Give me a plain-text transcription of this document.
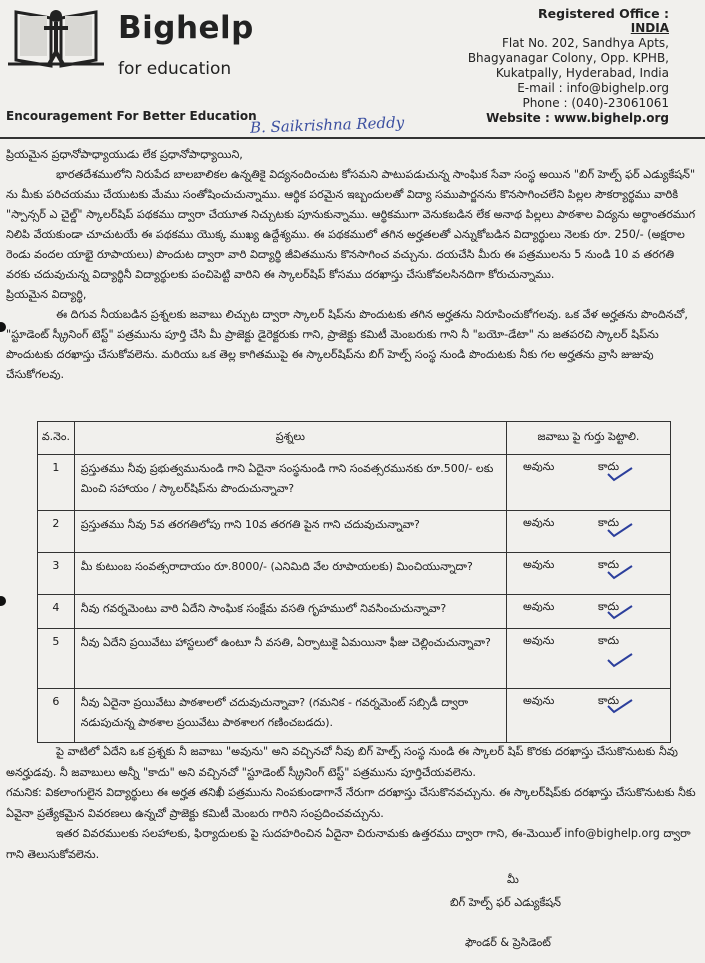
Bighelp
for education
Encouragement For Better Education
B. Saikrishna Reddy
Registered Office :
INDIA
Flat No. 202, Sandhya Apts,
Bhagyanagar Colony, Opp. KPHB,
Kukatpally, Hyderabad, India
E-mail : info@bighelp.org
Phone : (040)-23061061
Website : www.bighelp.org

ప్రియమైన ప్రధానోపాధ్యాయుడు లేక ప్రధానోపాధ్యాయిని,

భారతదేశములోని నిరుపేద బాలబాలికల ఉన్నతికై విద్యనందించుట కోసమని పాటుపడుచున్న సాంఘిక సేవా సంస్థ అయిన "బిగ్ హెల్ప్ ఫర్ ఎడ్యుకేషన్" ను మీకు పరిచయము చేయుటకు మేము సంతోషించుచున్నాము. ఆర్థిక పరమైన ఇబ్బందులతో విద్యా సముపార్జనను కొనసాగించలేని పిల్లల సౌకర్యార్థము వారికి "స్పాన్సర్ ఎ చైల్డ్" స్కాలర్‌షిప్ పథకము ద్వారా చేయూత నిచ్చుటకు పూనుకున్నాము. ఆర్థికముగా వెనుకబడిన లేక అనాథ పిల్లలు పాఠశాల విద్యను అర్థాంతరముగ నిలిపి వేయకుండా చూచుటయే ఈ పథకము యొక్క ముఖ్య ఉద్దేశ్యము. ఈ పథకములో తగిన అర్హతలతో ఎన్నుకోబడిన విద్యార్థులు నెలకు రూ. 250/- (అక్షరాల రెండు వందల యాభై రూపాయలు) పొందుట ద్వారా వారి విద్యార్థి జీవితమును కొనసాగించ వచ్చును. దయచేసి మీరు ఈ పత్రములను 5 నుండి 10 వ తరగతి వరకు చదువుచున్న విద్యార్థినీ విద్యార్థులకు పంచిపెట్టి వారిని ఈ స్కాలర్‌షిప్ కోసము దరఖాస్తు చేసుకోవలసినదిగా కోరుచున్నాము.

ప్రియమైన విద్యార్థి,

ఈ దిగువ నీయబడిన ప్రశ్నలకు జవాబు లిచ్చుట ద్వారా స్కాలర్ షిప్‌ను పొందుటకు తగిన అర్హతను నిరూపించుకోగలవు. ఒక వేళ అర్హతను పొందినచో, "స్టూడెంట్ స్క్రీనింగ్ టెస్ట్" పత్రమును పూర్తి చేసి మీ ప్రాజెక్టు డైరెక్టరుకు గాని, ప్రాజెక్టు కమిటీ మెంబరుకు గాని నీ "బయో-డేటా" ను జతపరచి స్కాలర్ షిప్‌ను పొందుటకు దరఖాస్తు చేసుకోవలెను. మరియు ఒక తెల్ల కాగితముపై ఈ స్కాలర్‌షిప్‌ను బిగ్ హెల్ప్ సంస్థ నుండి పొందుటకు నీకు గల అర్హతను వ్రాసి జుజువు చేసుకోగలవు.

వ.నెం.	ప్రశ్నలు	జవాబు పై గుర్తు పెట్టాలి.
1	ప్రస్తుతము నీవు ప్రభుత్వమునుండి గాని ఏదైనా సంస్థనుండి గాని సంవత్సరమునకు రూ.500/- లకు మించి సహాయం / స్కాలర్‌షిప్‌ను పొందుచున్నావా?	అవును కాదు

2	ప్రస్తుతము నీవు 5వ తరగతిలోపు గాని 10వ తరగతి పైన గాని చదువుచున్నావా?	అవును కాదు

3	మీ కుటుంబ సంవత్సరాదాయం రూ.8000/- (ఎనిమిది వేల రూపాయలకు) మించియున్నాదా?	అవును కాదు

4	నీవు గవర్నమెంటు వారి ఏదేని సాంఘిక సంక్షేమ వసతి గృహములో నివసించుచున్నావా?	అవును కాదు

5	నీవు ఏదేని ప్రయివేటు హాస్టలులో ఉంటూ నీ వసతి, ఏర్పాటుకై ఏమయినా ఫీజు చెల్లించుచున్నావా?	అవును కాదు

6	నీవు ఏదైనా ప్రయివేటు పాఠశాలలో చదువుచున్నావా? (గమనిక - గవర్నమెంట్ సబ్సిడీ ద్వారా నడుపుచున్న పాఠశాల ప్రయివేటు పాఠశాలగ గణించబడదు).	అవును కాదు

పై వాటిలో ఏదేని ఒక ప్రశ్నకు నీ జవాబు "అవును" అని వచ్చినచో నీవు బిగ్ హెల్ప్ సంస్థ నుండి ఈ స్కాలర్ షిప్ కొరకు దరఖాస్తు చేసుకొనుటకు నీవు అనర్హుడవు. నీ జవాబులు అన్నీ "కాదు" అని వచ్చినచో "స్టూడెంట్ స్క్రీనింగ్ టెస్ట్" పత్రమును పూర్తిచేయవలెను.

గమనిక: వికలాంగులైన విద్యార్థులు ఈ అర్హత తనిఖీ పత్రమును నింపకుండాగానే నేరుగా దరఖాస్తు చేసుకొనవచ్చును. ఈ స్కాలర్‌షిప్‌కు దరఖాస్తు చేసుకొనుటకు నీకు ఏవైనా ప్రత్యేకమైన వివరణలు ఉన్నచో ప్రాజెక్టు కమిటీ మెంబరు గారిని సంప్రదించవచ్చును.

ఇతర వివరములకు సలహాలకు, ఫిర్యాదులకు పై సుదహరించిన ఏదైనా చిరునామకు ఉత్తరము ద్వారా గాని, ఈ-మెయిల్ info@bighelp.org ద్వారా గాని తెలుసుకోవలెను.

మీ
బిగ్ హెల్ప్ ఫర్ ఎడ్యుకేషన్
ఫౌండర్ & ప్రెసిడెంట్
